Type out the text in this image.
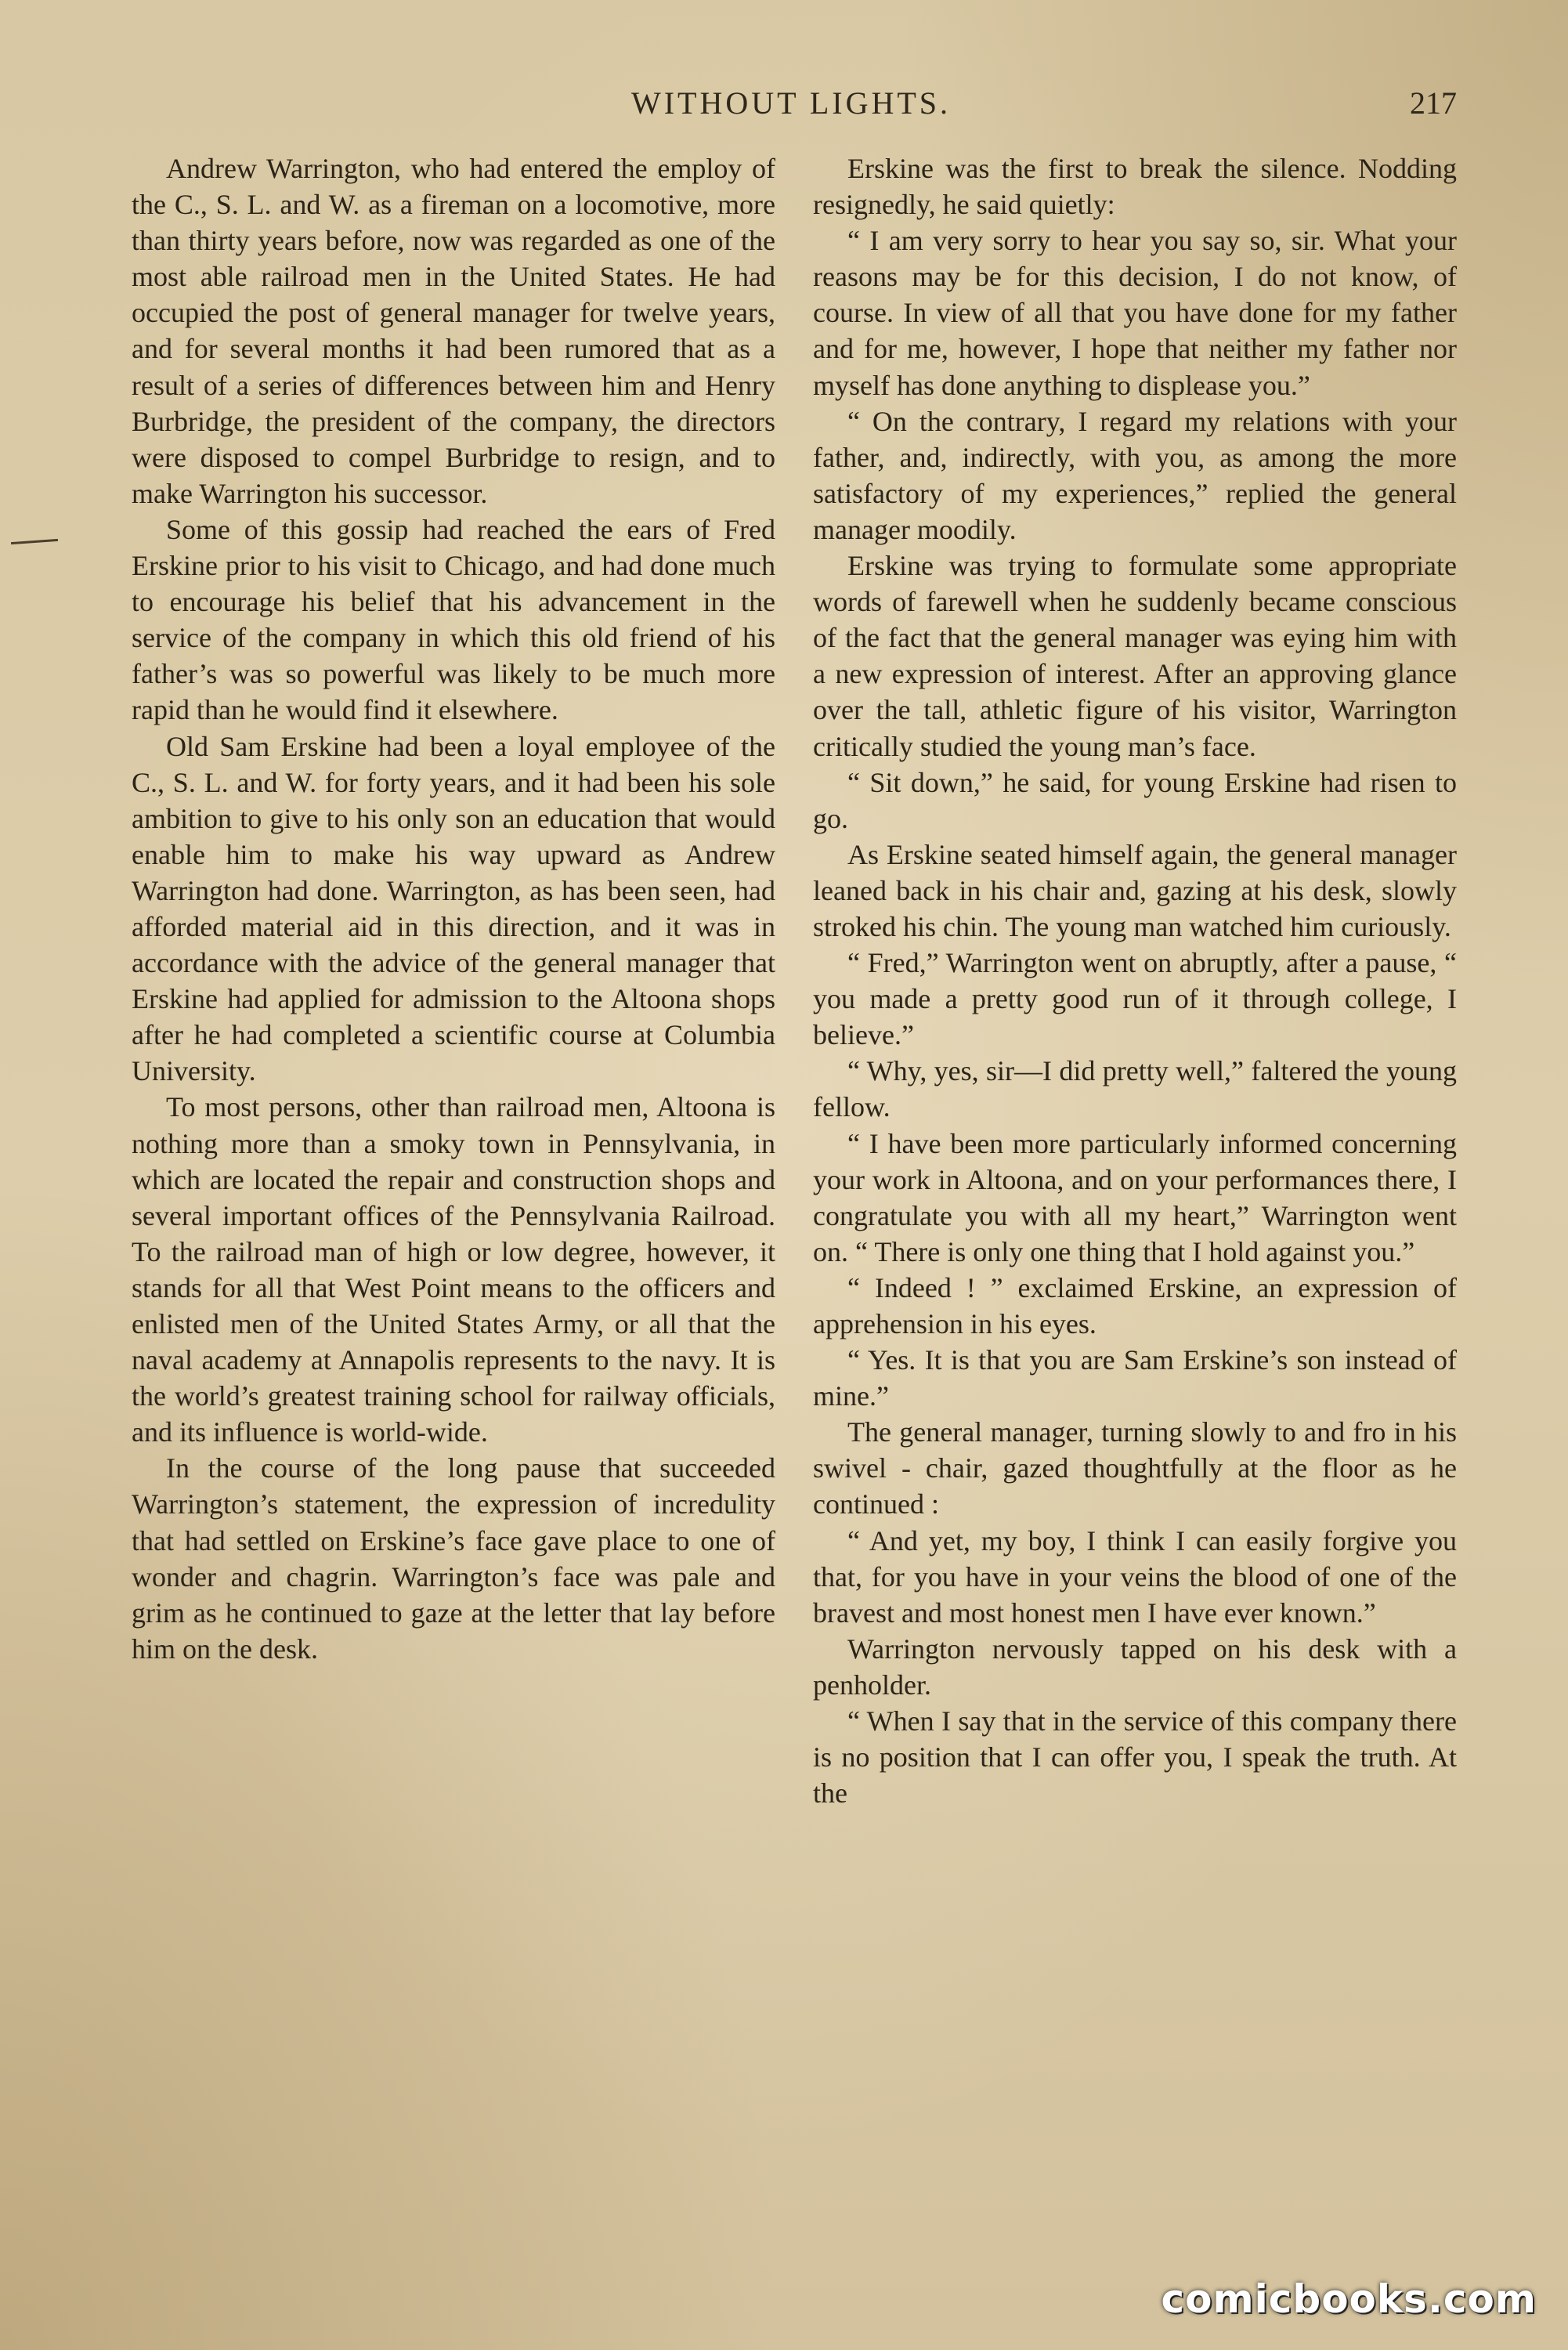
WITHOUT LIGHTS.	217

Andrew Warrington, who had entered the employ of the C., S. L. and W. as a fireman on a locomotive, more than thirty years before, now was regarded as one of the most able railroad men in the United States. He had occupied the post of general manager for twelve years, and for several months it had been rumored that as a result of a series of differences between him and Henry Burbridge, the president of the company, the directors were disposed to compel Burbridge to resign, and to make Warrington his successor.

Some of this gossip had reached the ears of Fred Erskine prior to his visit to Chicago, and had done much to encourage his belief that his advancement in the service of the company in which this old friend of his father’s was so powerful was likely to be much more rapid than he would find it elsewhere.

Old Sam Erskine had been a loyal employee of the C., S. L. and W. for forty years, and it had been his sole ambition to give to his only son an education that would enable him to make his way upward as Andrew Warrington had done. Warrington, as has been seen, had afforded material aid in this direction, and it was in accordance with the advice of the general manager that Erskine had applied for admission to the Altoona shops after he had completed a scientific course at Columbia University.

To most persons, other than railroad men, Altoona is nothing more than a smoky town in Pennsylvania, in which are located the repair and construction shops and several important offices of the Pennsylvania Railroad. To the railroad man of high or low degree, however, it stands for all that West Point means to the officers and enlisted men of the United States Army, or all that the naval academy at Annapolis represents to the navy. It is the world’s greatest training school for railway officials, and its influence is world-wide.

In the course of the long pause that succeeded Warrington’s statement, the expression of incredulity that had settled on Erskine’s face gave place to one of wonder and chagrin. Warrington’s face was pale and grim as he continued to gaze at the letter that lay before him on the desk.

Erskine was the first to break the silence. Nodding resignedly, he said quietly:

“ I am very sorry to hear you say so, sir. What your reasons may be for this decision, I do not know, of course. In view of all that you have done for my father and for me, however, I hope that neither my father nor myself has done anything to displease you.”

“ On the contrary, I regard my relations with your father, and, indirectly, with you, as among the more satisfactory of my experiences,” replied the general manager moodily.

Erskine was trying to formulate some appropriate words of farewell when he suddenly became conscious of the fact that the general manager was eying him with a new expression of interest. After an approving glance over the tall, athletic figure of his visitor, Warrington critically studied the young man’s face.

“ Sit down,” he said, for young Erskine had risen to go.

As Erskine seated himself again, the general manager leaned back in his chair and, gazing at his desk, slowly stroked his chin. The young man watched him curiously.

“ Fred,” Warrington went on abruptly, after a pause, “ you made a pretty good run of it through college, I believe.”

“ Why, yes, sir—I did pretty well,” faltered the young fellow.

“ I have been more particularly informed concerning your work in Altoona, and on your performances there, I congratulate you with all my heart,” Warrington went on. “ There is only one thing that I hold against you.”

“ Indeed ! ” exclaimed Erskine, an expression of apprehension in his eyes.

“ Yes. It is that you are Sam Erskine’s son instead of mine.”

The general manager, turning slowly to and fro in his swivel - chair, gazed thoughtfully at the floor as he continued :

“ And yet, my boy, I think I can easily forgive you that, for you have in your veins the blood of one of the bravest and most honest men I have ever known.”

Warrington nervously tapped on his desk with a penholder.

“ When I say that in the service of this company there is no position that I can offer you, I speak the truth. At the

comicbooks.com
